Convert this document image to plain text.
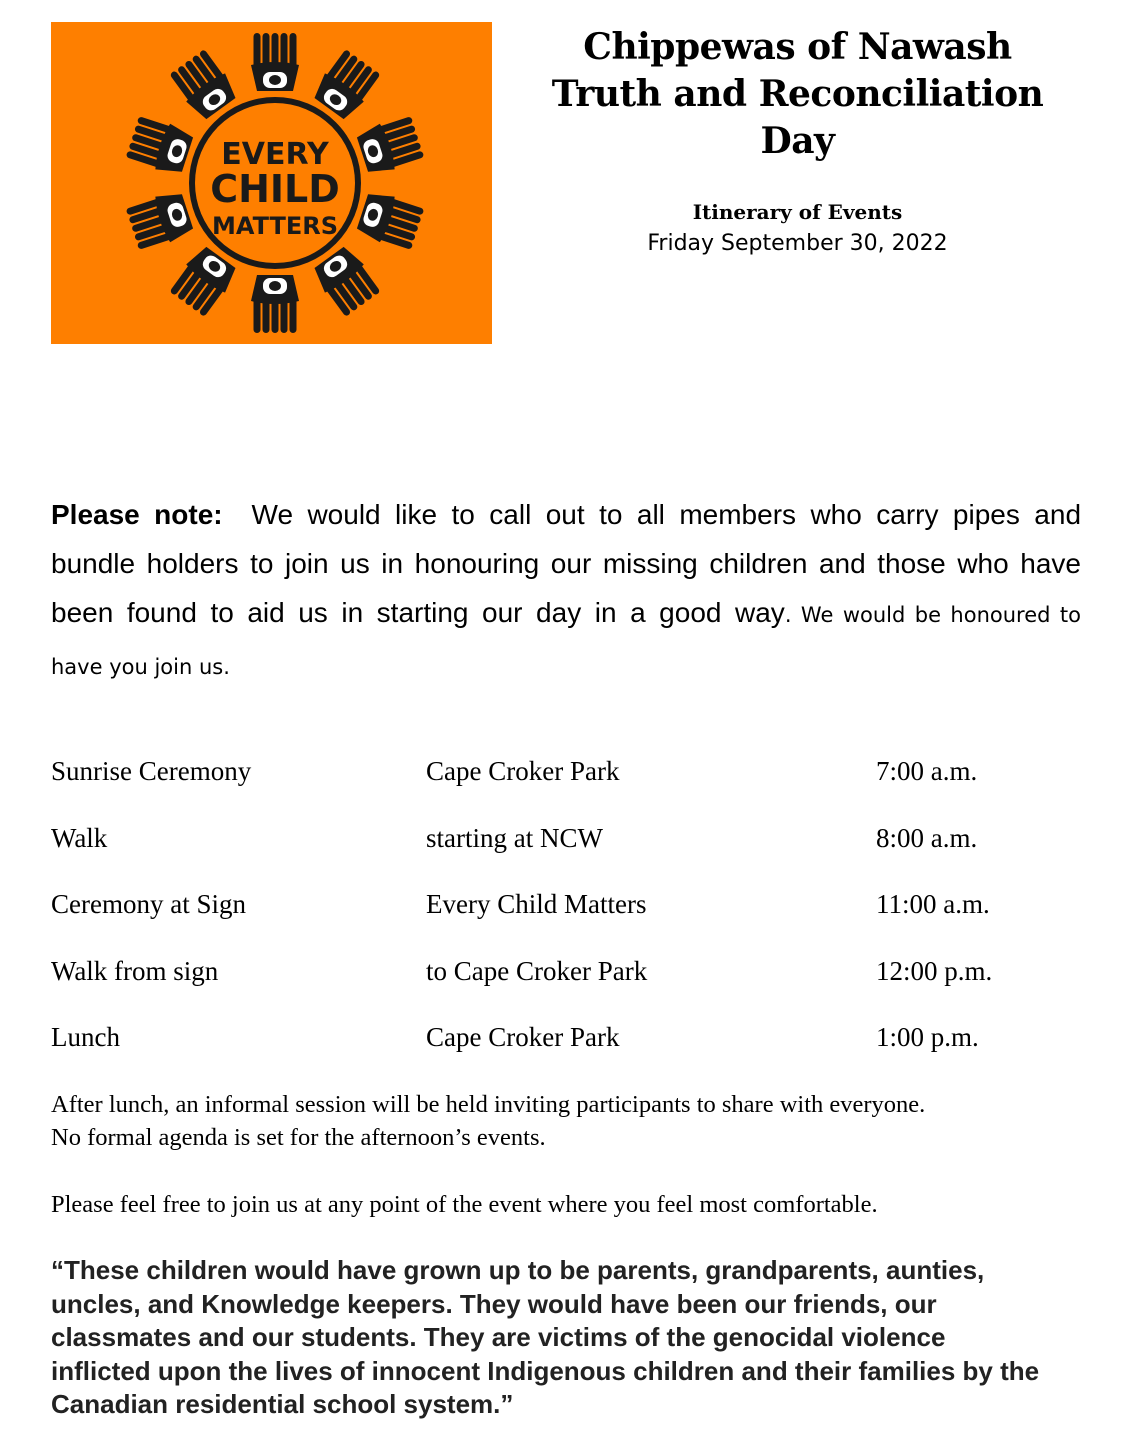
EVERY
CHILD
MATTERS
Chippewas of Nawash
Truth and Reconciliation
Day
Itinerary of Events
Friday September 30, 2022
Please note: We would like to call out to all members who carry pipes and bundle holders to join us in honouring our missing children and those who have been found to aid us in starting our day in a good way. We would be honoured to have you join us.
Sunrise Ceremony	Cape Croker Park	7:00 a.m.
Walk	starting at NCW	8:00 a.m.
Ceremony at Sign	Every Child Matters	11:00 a.m.
Walk from sign	to Cape Croker Park	12:00 p.m.
Lunch	Cape Croker Park	1:00 p.m.
After lunch, an informal session will be held inviting participants to share with everyone.
No formal agenda is set for the afternoon’s events.

Please feel free to join us at any point of the event where you feel most comfortable.

“These children would have grown up to be parents, grandparents, aunties, uncles, and Knowledge keepers. They would have been our friends, our classmates and our students. They are victims of the genocidal violence inflicted upon the lives of innocent Indigenous children and their families by the Canadian residential school system.”
